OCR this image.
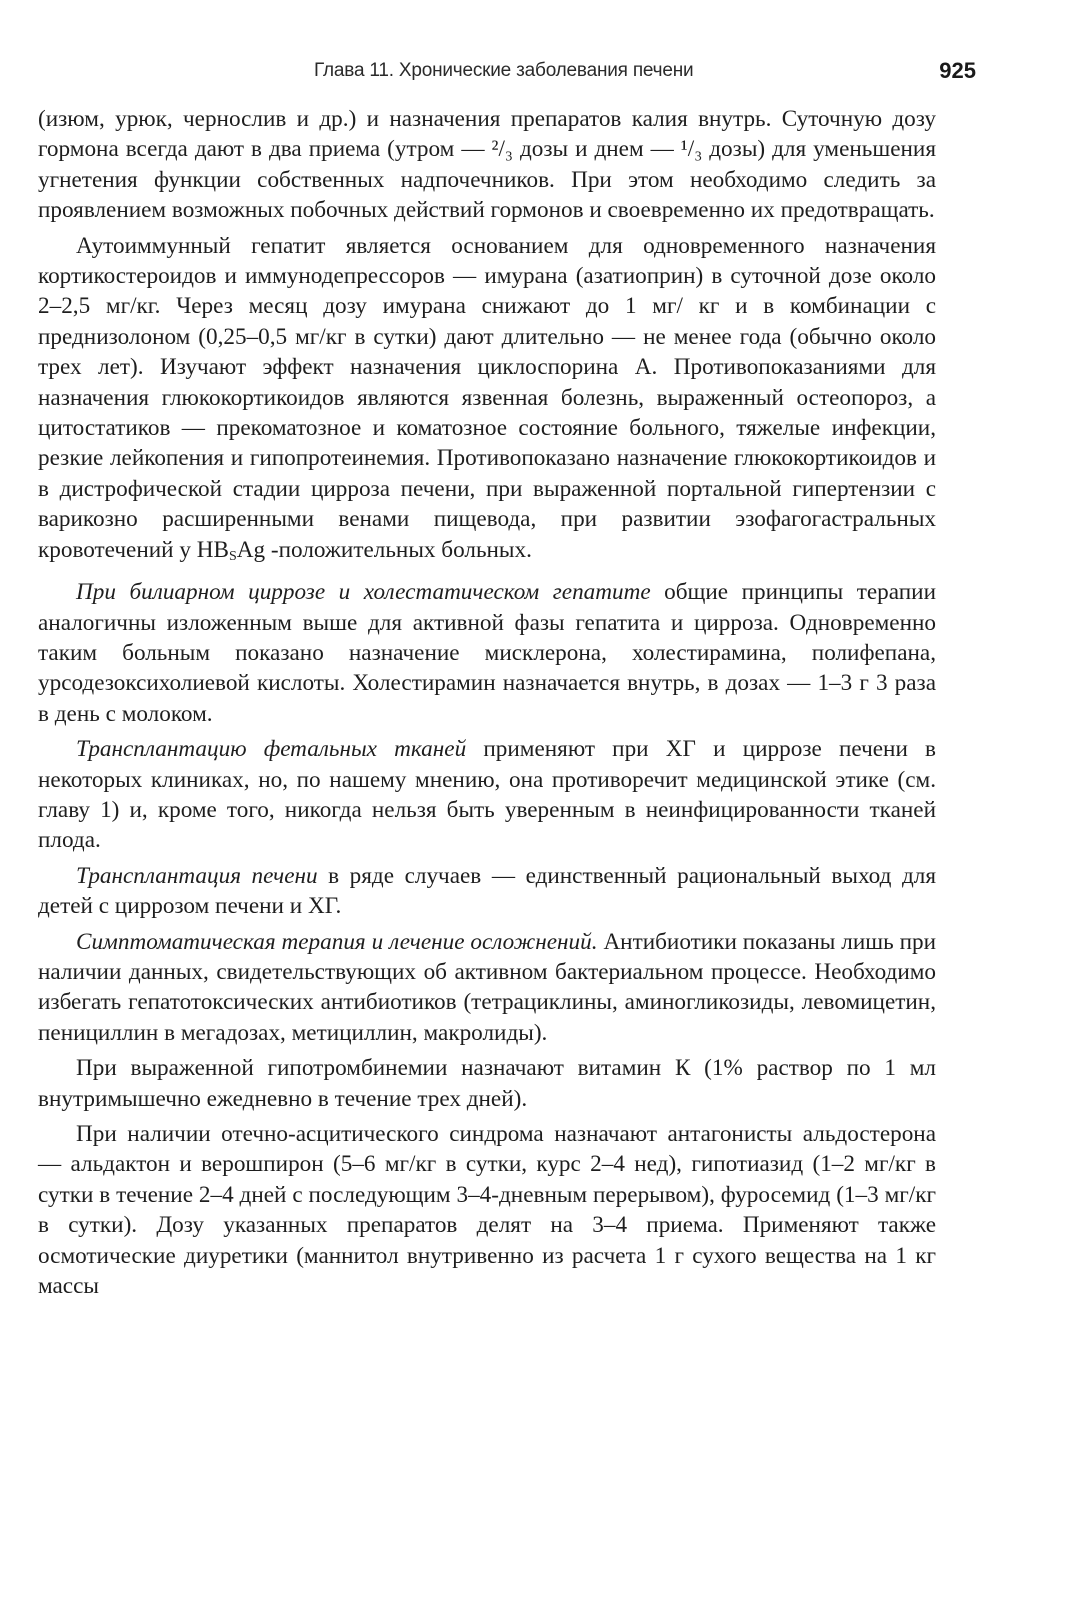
Глава 11. Хронические заболевания печени	925

(изюм, урюк, чернослив и др.) и назначения препаратов калия внутрь. Суточную дозу гормона всегда дают в два приема (утром — ²/₃ дозы и днем — ¹/₃ дозы) для уменьшения угнетения функции собственных надпочечников. При этом необходимо следить за проявлением возможных побочных действий гормонов и своевременно их предотвращать.

Аутоиммунный гепатит является основанием для одновременного назначения кортикостероидов и иммунодепрессоров — имурана (азатиоприн) в суточной дозе около 2–2,5 мг/кг. Через месяц дозу имурана снижают до 1 мг/ кг и в комбинации с преднизолоном (0,25–0,5 мг/кг в сутки) дают длительно — не менее года (обычно около трех лет). Изучают эффект назначения циклоспорина А. Противопоказаниями для назначения глюкокортикоидов являются язвенная болезнь, выраженный остеопороз, а цитостатиков — прекоматозное и коматозное состояние больного, тяжелые инфекции, резкие лейкопения и гипопротеинемия. Противопоказано назначение глюкокортикоидов и в дистрофической стадии цирроза печени, при выраженной портальной гипертензии с варикозно расширенными венами пищевода, при развитии эзофагогастральных кровотечений у $HB_SAg$ -положительных больных.

При билиарном циррозе и холестатическом гепатите общие принципы терапии аналогичны изложенным выше для активной фазы гепатита и цирроза. Одновременно таким больным показано назначение мисклерона, холестирамина, полифепана, урсодезоксихолиевой кислоты. Холестирамин назначается внутрь, в дозах — 1–3 г 3 раза в день с молоком.

Трансплантацию фетальных тканей применяют при ХГ и циррозе печени в некоторых клиниках, но, по нашему мнению, она противоречит медицинской этике (см. главу 1) и, кроме того, никогда нельзя быть уверенным в неинфицированности тканей плода.

Трансплантация печени в ряде случаев — единственный рациональный выход для детей с циррозом печени и ХГ.

Симптоматическая терапия и лечение осложнений. Антибиотики показаны лишь при наличии данных, свидетельствующих об активном бактериальном процессе. Необходимо избегать гепатотоксических антибиотиков (тетрациклины, аминогликозиды, левомицетин, пенициллин в мегадозах, метициллин, макролиды).

При выраженной гипотромбинемии назначают витамин К (1% раствор по 1 мл внутримышечно ежедневно в течение трех дней).

При наличии отечно-асцитического синдрома назначают антагонисты альдостерона — альдактон и верошпирон (5–6 мг/кг в сутки, курс 2–4 нед), гипотиазид (1–2 мг/кг в сутки в течение 2–4 дней с последующим 3–4-дневным перерывом), фуросемид (1–3 мг/кг в сутки). Дозу указанных препаратов делят на 3–4 приема. Применяют также осмотические диуретики (маннитол внутривенно из расчета 1 г сухого вещества на 1 кг массы
